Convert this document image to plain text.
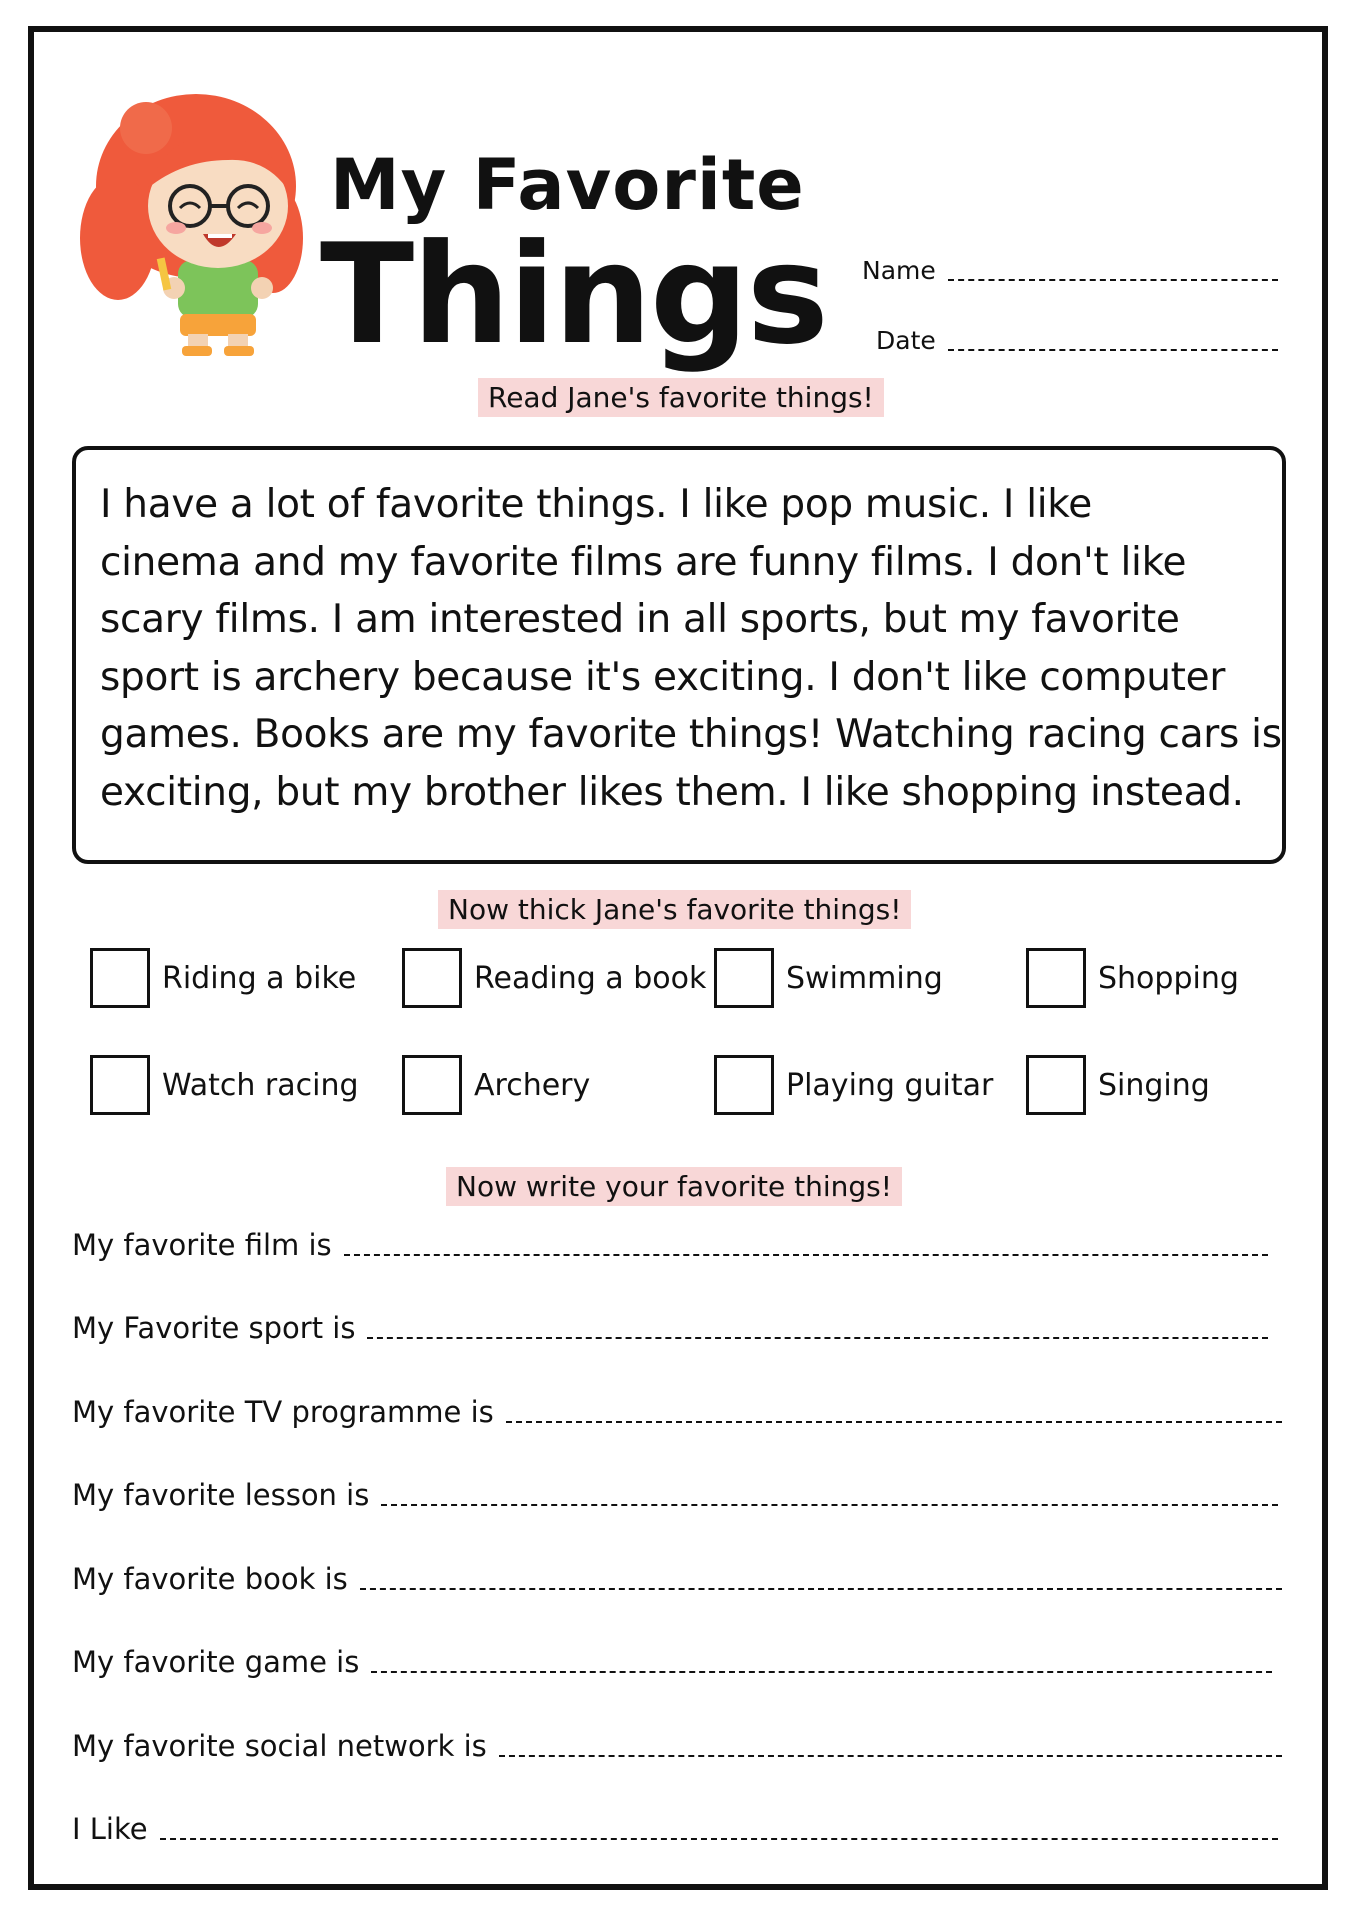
My Favorite
Things Name
Date
Read Jane's favorite things!
I have a lot of favorite things. I like pop music. I like
cinema and my favorite films are funny films. I don't like
scary films. I am interested in all sports, but my favorite
sport is archery because it's exciting. I don't like computer
games. Books are my favorite things! Watching racing cars is
exciting, but my brother likes them. I like shopping instead.
Now thick Jane's favorite things!
Riding a bike	Reading a book	Swimming	Shopping
Watch racing	Archery	Playing guitar	Singing
Now write your favorite things!
My favorite film is
My Favorite sport is
My favorite TV programme is
My favorite lesson is
My favorite book is
My favorite game is
My favorite social network is
I Like
